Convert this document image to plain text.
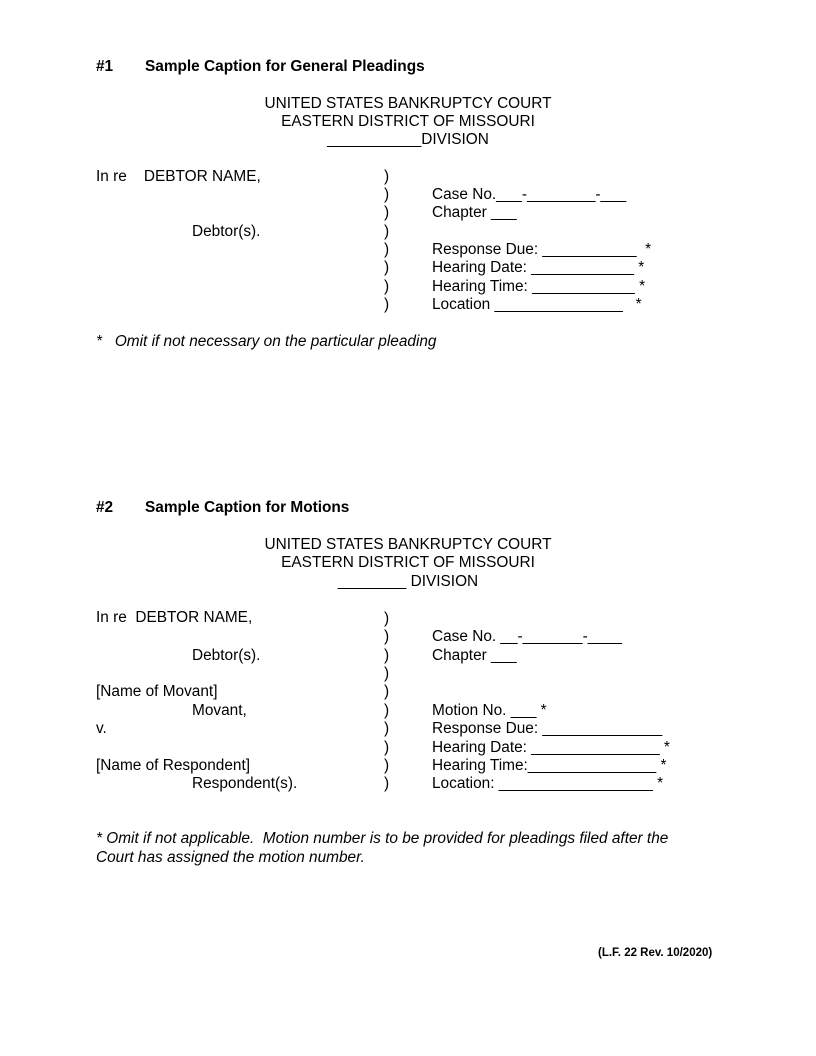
#1 Sample Caption for General Pleadings
UNITED STATES BANKRUPTCY COURT
EASTERN DISTRICT OF MISSOURI
___________DIVISION
In re    DEBTOR NAME,
Debtor(s).
)
)
)
)
)
)
)
)
Case No.___-________-___
Chapter ___
Response Due: ___________  *
Hearing Date: ____________ *
Hearing Time: ____________ *
Location _______________   *
*   Omit if not necessary on the particular pleading
#2 Sample Caption for Motions
UNITED STATES BANKRUPTCY COURT
EASTERN DISTRICT OF MISSOURI
________ DIVISION
In re  DEBTOR NAME,
Debtor(s).
[Name of Movant]
Movant,
v.
[Name of Respondent]
Respondent(s).
)
)
)
)
)
)
)
)
)
)
Case No. __-_______-____
Chapter ___
Motion No. ___ *
Response Due: ______________
Hearing Date: _______________ *
Hearing Time:_______________ *
Location: __________________ *
* Omit if not applicable.  Motion number is to be provided for pleadings filed after the
Court has assigned the motion number.
(L.F. 22 Rev. 10/2020)
